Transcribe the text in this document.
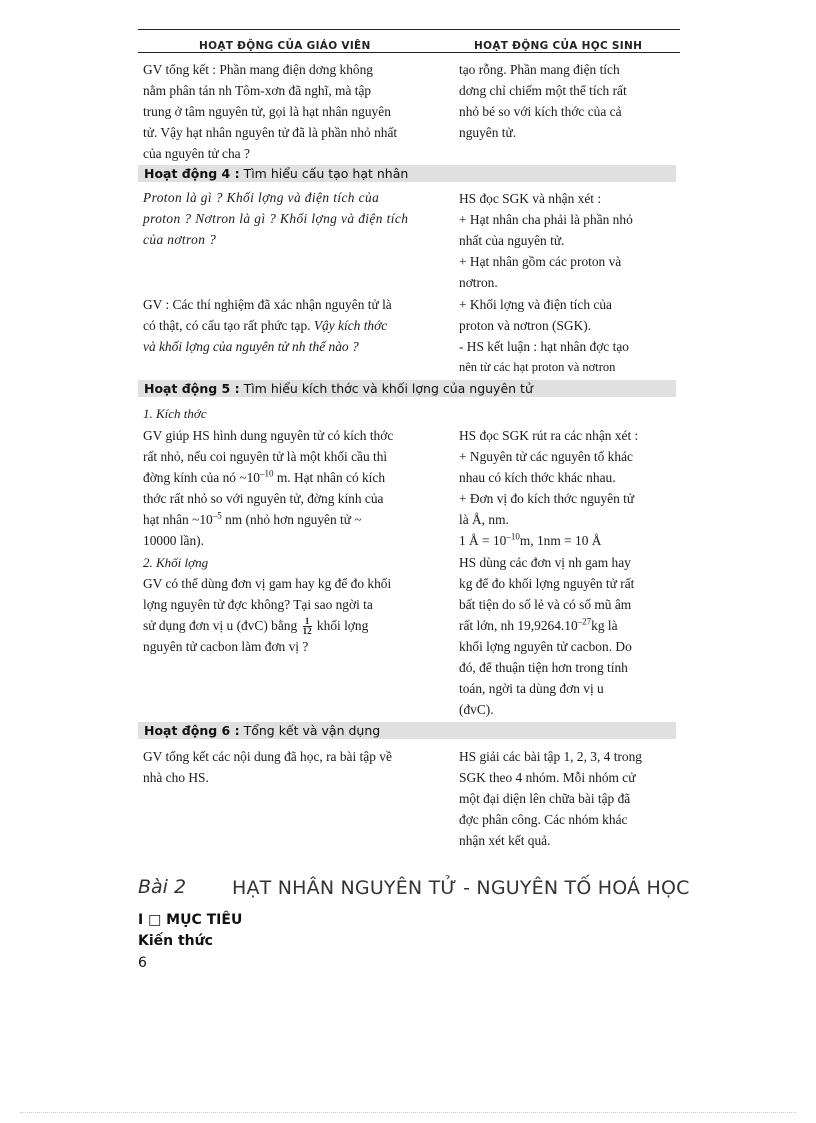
HOẠT ĐỘNG CỦA GIÁO VIÊN	HOẠT ĐỘNG CỦA HỌC SINH
GV tổng kết : Phần mang điện dơng không
nằm phân tán nh Tôm-xơn đã nghĩ, mà tập
trung ở tâm nguyên tử, gọi là hạt nhân nguyên
tử. Vậy hạt nhân nguyên tử đã là phần nhỏ nhất
của nguyên tử cha ?
tạo rỗng. Phần mang điện tích
dơng chỉ chiếm một thể tích rất
nhỏ bé so với kích thớc của cả
nguyên tử.
Hoạt động 4 : Tìm hiểu cấu tạo hạt nhân
Proton là gì ? Khối lợng và điện tích của
proton ? Nơtron là gì ? Khối lợng và điện tích
của nơtron ?
HS đọc SGK và nhận xét :
+ Hạt nhân cha phải là phần nhỏ
nhất của nguyên tử.
+ Hạt nhân gồm các proton và
nơtron.
GV : Các thí nghiệm đã xác nhận nguyên tử là
có thật, có cấu tạo rất phức tạp. Vậy kích thớc
và khối lợng của nguyên tử nh thế nào ?
+ Khối lợng và điện tích của
proton và nơtron (SGK).
- HS kết luận : hạt nhân đợc tạo
nên từ các hạt proton và nơtron
Hoạt động 5 : Tìm hiểu kích thớc và khối lợng của nguyên tử
1. Kích thớc
GV giúp HS hình dung nguyên tử có kích thớc
rất nhỏ, nếu coi nguyên tử là một khối cầu thì
đờng kính của nó $\sim 10^{-10}$ m. Hạt nhân có kích
thớc rất nhỏ so với nguyên tử, đờng kính của
hạt nhân $\sim 10^{-5}$ nm (nhỏ hơn nguyên tử ~
10000 lần).
HS đọc SGK rút ra các nhận xét :
+ Nguyên tử các nguyên tố khác
nhau có kích thớc khác nhau.
+ Đơn vị đo kích thớc nguyên tử
là Å, nm.
1 Å = $10^{-10}m$, 1nm = 10 Å
2. Khối lợng
GV có thể dùng đơn vị gam hay kg để đo khối
lợng nguyên tử đợc không? Tại sao ngời ta
sử dụng đơn vị u (đvC) bằng $\frac{1}{12}$ khối lợng
nguyên tử cacbon làm đơn vị ?
HS dùng các đơn vị nh gam hay
kg để đo khối lợng nguyên tử rất
bất tiện do số lẻ và có số mũ âm
rất lớn, nh $19,9264.10^{-27}kg$ là
khối lợng nguyên tử cacbon. Do
đó, để thuận tiện hơn trong tính
toán, ngời ta dùng đơn vị u
(đvC).
Hoạt động 6 : Tổng kết và vận dụng
GV tổng kết các nội dung đã học, ra bài tập về
nhà cho HS.
HS giải các bài tập 1, 2, 3, 4 trong
SGK theo 4 nhóm. Mỗi nhóm cử
một đại diện lên chữa bài tập đã
đợc phân công. Các nhóm khác
nhận xét kết quả.
Bài 2 HẠT NHÂN NGUYÊN TỬ - NGUYÊN TỐ HOÁ HỌC
I □ MỤC TIÊU
Kiến thức
6
